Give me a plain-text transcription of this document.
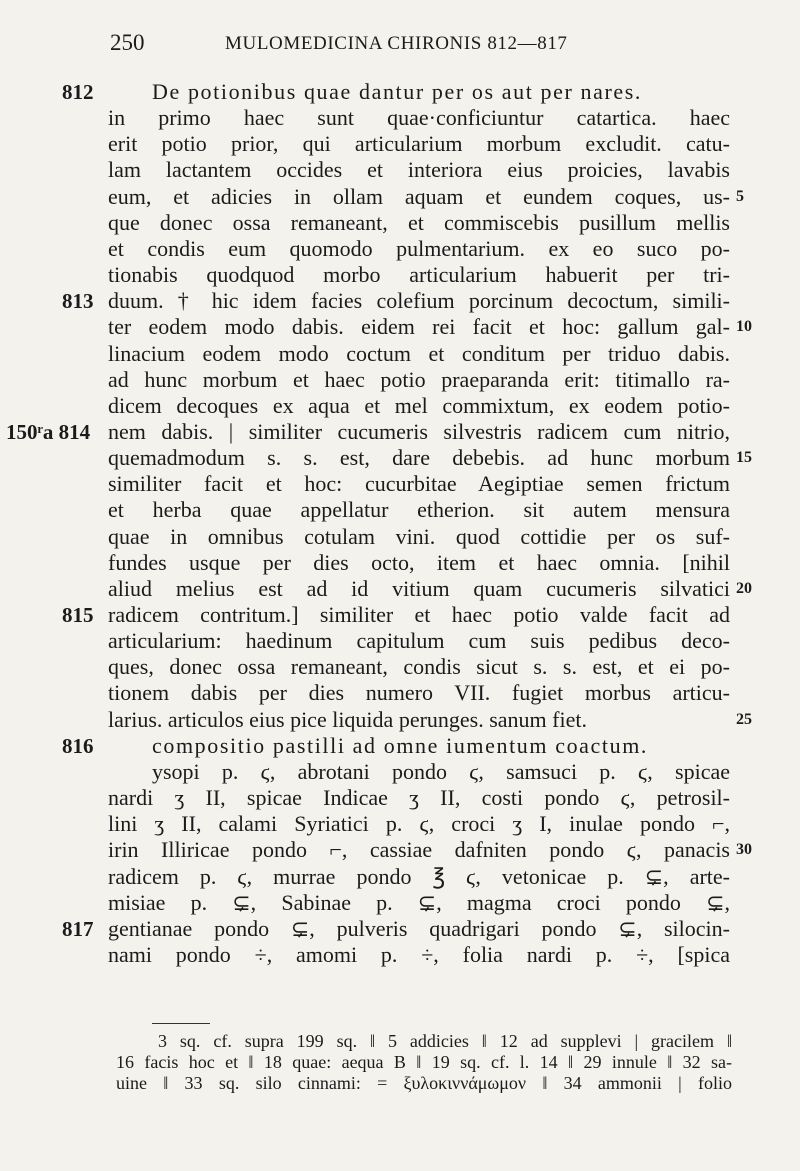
250	MULOMEDICINA CHIRONIS 812—817
812	De potionibus quae dantur per os aut per nares.
in primo haec sunt quae·conficiuntur catartica. haec
erit potio prior, qui articularium morbum excludit. catu-
lam lactantem occides et interiora eius proicies, lavabis
eum, et adicies in ollam aquam et eundem coques, us- 5
que donec ossa remaneant, et commiscebis pusillum mellis
et condis eum quomodo pulmentarium. ex eo suco po-
tionabis quodquod morbo articularium habuerit per tri-
813 duum. † hic idem facies colefium porcinum decoctum, simili-
ter eodem modo dabis. eidem rei facit et hoc: gallum gal- 10
linacium eodem modo coctum et conditum per triduo dabis.
ad hunc morbum et haec potio praeparanda erit: titimallo ra-
dicem decoques ex aqua et mel commixtum, ex eodem potio-
150ʳa 814 nem dabis. | similiter cucumeris silvestris radicem cum nitrio,
quemadmodum s. s. est, dare debebis. ad hunc morbum 15
similiter facit et hoc: cucurbitae Aegiptiae semen frictum
et herba quae appellatur etherion. sit autem mensura
quae in omnibus cotulam vini. quod cottidie per os suf-
fundes usque per dies octo, item et haec omnia. [nihil
aliud melius est ad id vitium quam cucumeris silvatici 20
815 radicem contritum.] similiter et haec potio valde facit ad
articularium: haedinum capitulum cum suis pedibus deco-
ques, donec ossa remaneant, condis sicut s. s. est, et ei po-
tionem dabis per dies numero VII. fugiet morbus articu-
larius. articulos eius pice liquida perunges. sanum fiet.	25
816	compositio pastilli ad omne iumentum coactum.
ysopi p. ϛ, abrotani pondo ϛ, samsuci p. ϛ, spicae
nardi ʒ II, spicae Indicae ʒ II, costi pondo ϛ, petrosil-
lini ʒ II, calami Syriatici p. ϛ, croci ʒ I, inulae pondo ⌐,
irin Illiricae pondo ⌐, cassiae dafniten pondo ϛ, panacis 30
radicem p. ϛ, murrae pondo ℥ ϛ, vetonicae p. ⊊, arte-
misiae p. ⊊, Sabinae p. ⊊, magma croci pondo ⊊,
817 gentianae pondo ⊊, pulveris quadrigari pondo ⊊, silocin-
nami pondo ÷, amomi p. ÷, folia nardi p. ÷, [spica
3 sq. cf. supra 199 sq. ‖ 5 addicies ‖ 12 ad supplevi | gracilem ‖
16 facis hoc et ‖ 18 quae: aequa B ‖ 19 sq. cf. l. 14 ‖ 29 innule ‖ 32 sa-
uine ‖ 33 sq. silo cinnami: = ξυλοκιννάμωμον ‖ 34 ammonii | folio
